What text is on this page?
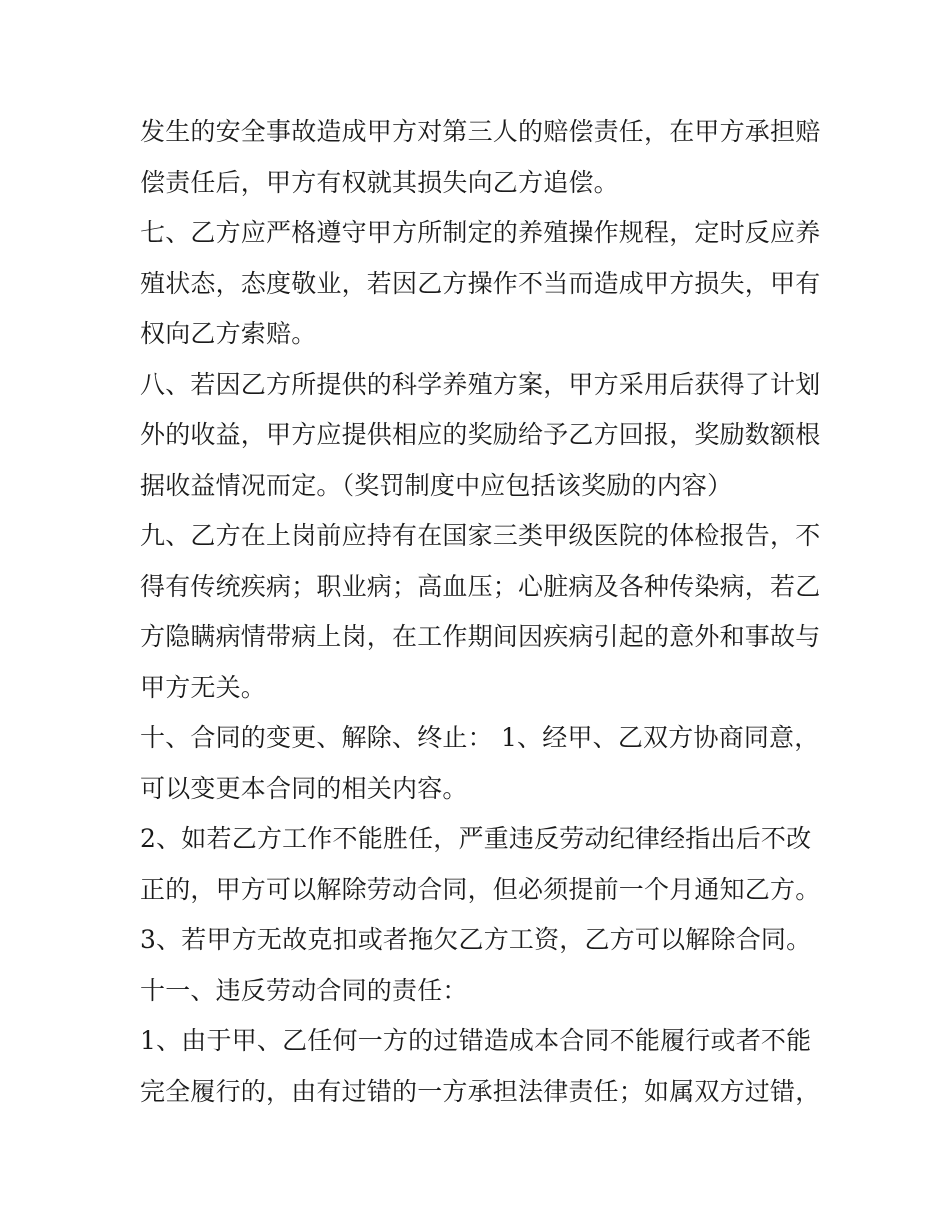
发生的安全事故造成甲方对第三人的赔偿责任，在甲方承担赔
偿责任后，甲方有权就其损失向乙方追偿。
七、乙方应严格遵守甲方所制定的养殖操作规程，定时反应养
殖状态，态度敬业，若因乙方操作不当而造成甲方损失，甲有
权向乙方索赔。
八、若因乙方所提供的科学养殖方案，甲方采用后获得了计划
外的收益，甲方应提供相应的奖励给予乙方回报，奖励数额根
据收益情况而定。（奖罚制度中应包括该奖励的内容）
九、乙方在上岗前应持有在国家三类甲级医院的体检报告，不
得有传统疾病；职业病；高血压；心脏病及各种传染病，若乙
方隐瞒病情带病上岗，在工作期间因疾病引起的意外和事故与
甲方无关。
十、合同的变更、解除、终止： 1、经甲、乙双方协商同意，
可以变更本合同的相关内容。
2、如若乙方工作不能胜任，严重违反劳动纪律经指出后不改
正的，甲方可以解除劳动合同，但必须提前一个月通知乙方。
3、若甲方无故克扣或者拖欠乙方工资，乙方可以解除合同。
十一、违反劳动合同的责任：
1、由于甲、乙任何一方的过错造成本合同不能履行或者不能
完全履行的，由有过错的一方承担法律责任；如属双方过错，
